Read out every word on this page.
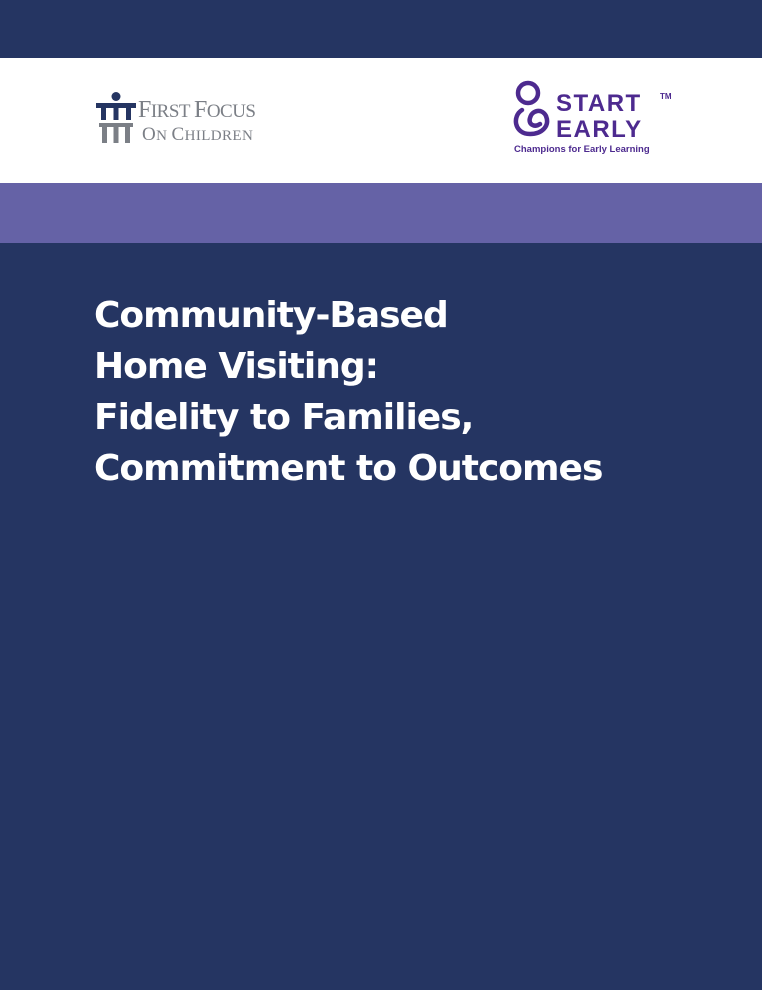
FIRST FOCUS
ON CHILDREN
START TM
EARLY
Champions for Early Learning
Community-Based
Home Visiting:
Fidelity to Families,
Commitment to Outcomes
